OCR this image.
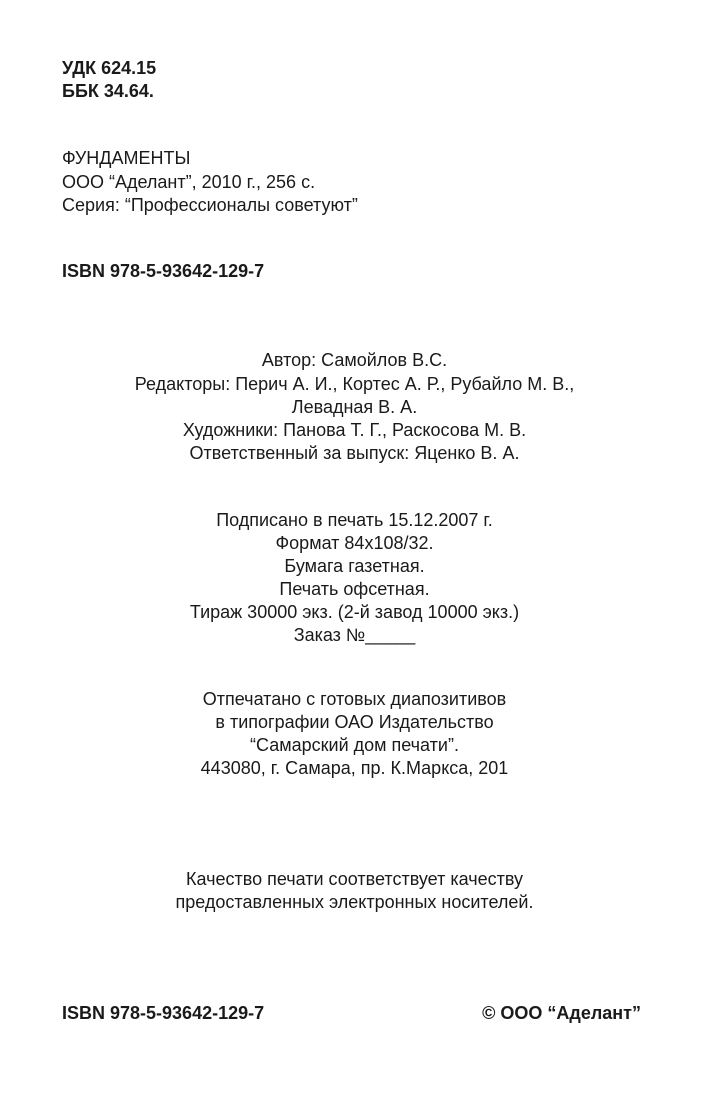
УДК 624.15
ББК 34.64.
ФУНДАМЕНТЫ
ООО “Аделант”, 2010 г., 256 с.
Серия: “Профессионалы советуют”
ISBN 978-5-93642-129-7
Автор: Самойлов В.С.
Редакторы: Перич А. И., Кортес А. Р., Рубайло М. В.,
Левадная В. А.
Художники: Панова Т. Г., Раскосова М. В.
Ответственный за выпуск: Яценко В. А.
Подписано в печать 15.12.2007 г.
Формат 84х108/32.
Бумага газетная.
Печать офсетная.
Тираж 30000 экз. (2-й завод 10000 экз.)
Заказ №_____
Отпечатано с готовых диапозитивов
в типографии ОАО Издательство
“Самарский дом печати”.
443080, г. Самара, пр. К.Маркса, 201
Качество печати соответствует качеству
предоставленных электронных носителей.
ISBN 978-5-93642-129-7	© ООО “Аделант”
